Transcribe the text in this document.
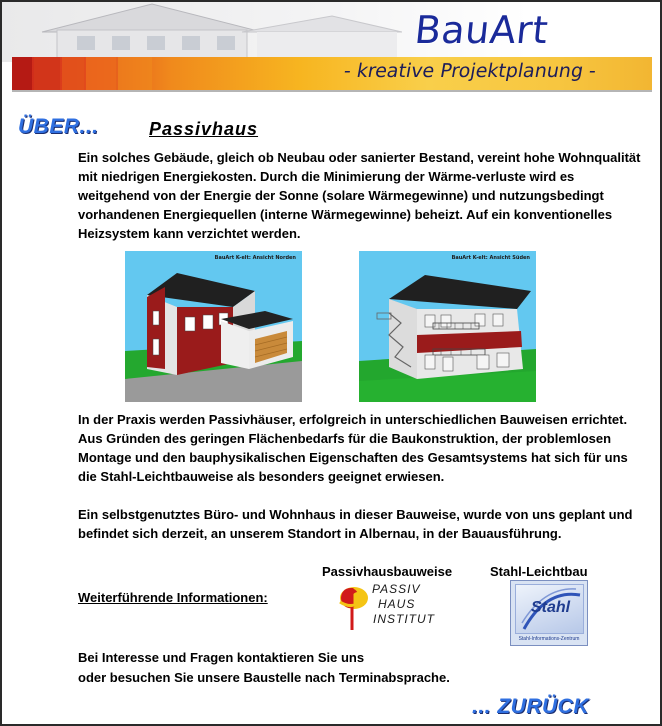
BauArt
- kreative Projektplanung -
ÜBER...	Passivhaus

Ein solches Gebäude, gleich ob Neubau oder sanierter Bestand, vereint hohe Wohnqualität mit niedrigen Energiekosten. Durch die Minimierung der Wärme-verluste wird es weitgehend von der Energie der Sonne (solare Wärmegewinne) und nutzungsbedingt vorhandenen Energiequellen (interne Wärmegewinne) beheizt. Auf ein konventionelles Heizsystem kann verzichtet werden.

BauArt K-elt: Ansicht Norden	BauArt K-elt: Ansicht Süden

In der Praxis werden Passivhäuser, erfolgreich in unterschiedlichen Bauweisen errichtet. Aus Gründen des geringen Flächenbedarfs für die Baukonstruktion, der problemlosen Montage und den bauphysikalischen Eigenschaften des Gesamtsystems hat sich für uns die Stahl-Leichtbauweise als besonders geeignet erwiesen.

Ein selbstgenutztes Büro- und Wohnhaus in dieser Bauweise, wurde von uns geplant und befindet sich derzeit, an unserem Standort in Albernau, in der Bauausführung.

Passivhausbauweise	Stahl-Leichtbau
Weiterführende Informationen:
PASSIV
HAUS
INSTITUT
Stahl
Stahl-Informations-Zentrum
Bei Interesse und Fragen kontaktieren Sie uns
oder besuchen Sie unsere Baustelle nach Terminabsprache.
... ZURÜCK
